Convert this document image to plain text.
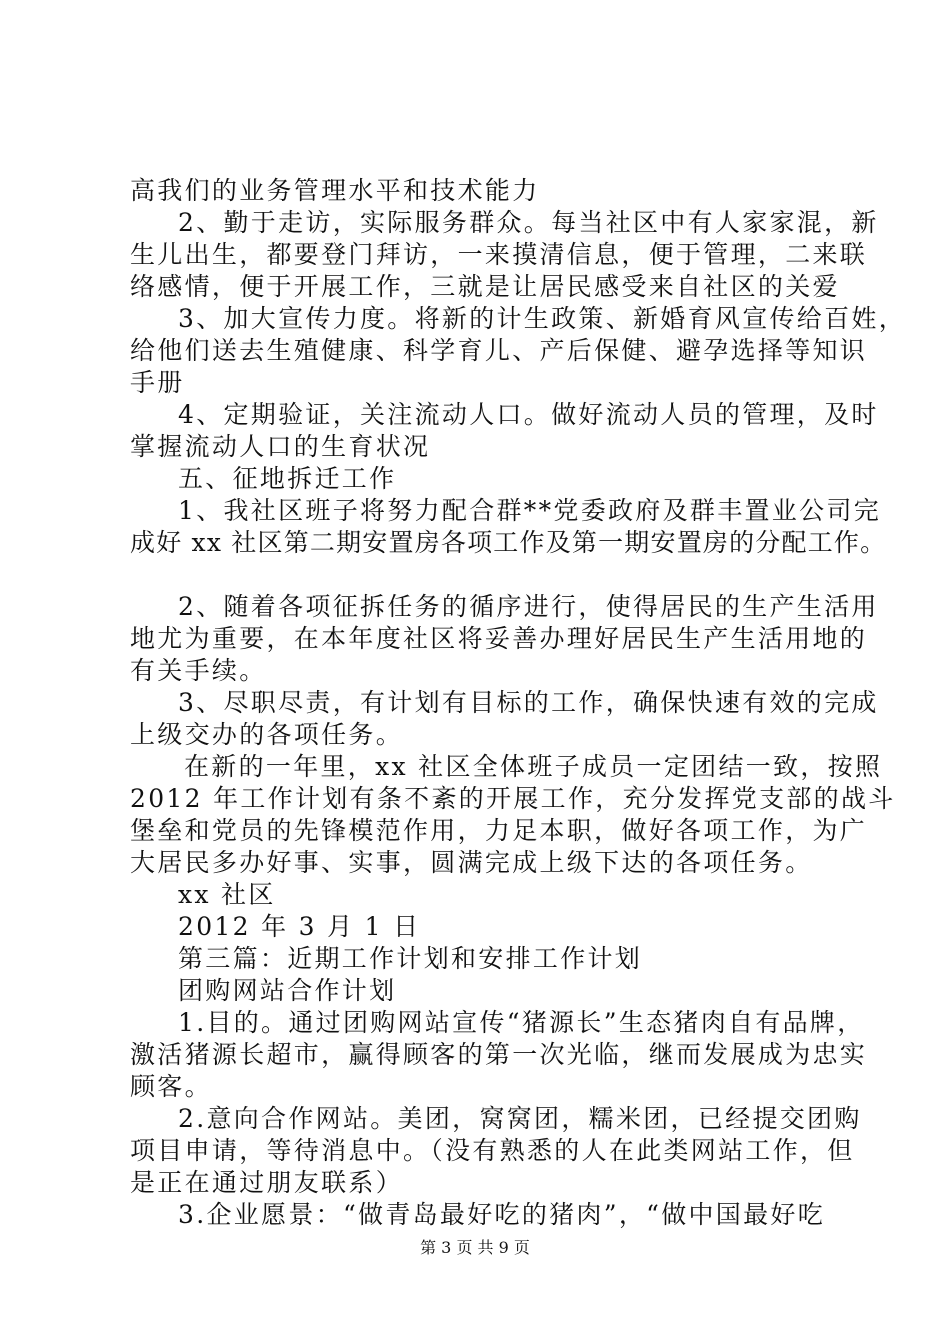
高我们的业务管理水平和技术能力
2、勤于走访，实际服务群众。每当社区中有人家家混，新
生儿出生，都要登门拜访，一来摸清信息，便于管理，二来联
络感情，便于开展工作，三就是让居民感受来自社区的关爱
3、加大宣传力度。将新的计生政策、新婚育风宣传给百姓，
给他们送去生殖健康、科学育儿、产后保健、避孕选择等知识
手册
4、定期验证，关注流动人口。做好流动人员的管理，及时
掌握流动人口的生育状况
五、征地拆迁工作
1、我社区班子将努力配合群**党委政府及群丰置业公司完
成好 xx 社区第二期安置房各项工作及第一期安置房的分配工作。
2、随着各项征拆任务的循序进行，使得居民的生产生活用
地尤为重要，在本年度社区将妥善办理好居民生产生活用地的
有关手续。
3、尽职尽责，有计划有目标的工作，确保快速有效的完成
上级交办的各项任务。
在新的一年里，xx 社区全体班子成员一定团结一致，按照
2012 年工作计划有条不紊的开展工作，充分发挥党支部的战斗
堡垒和党员的先锋模范作用，力足本职，做好各项工作，为广
大居民多办好事、实事，圆满完成上级下达的各项任务。
xx 社区
2012 年 3 月 1 日
第三篇：近期工作计划和安排工作计划
团购网站合作计划
1.目的。通过团购网站宣传“猪源长”生态猪肉自有品牌，
激活猪源长超市，赢得顾客的第一次光临，继而发展成为忠实
顾客。
2.意向合作网站。美团，窝窝团，糯米团，已经提交团购
项目申请，等待消息中。（没有熟悉的人在此类网站工作，但
是正在通过朋友联系）
3.企业愿景：“做青岛最好吃的猪肉”，“做中国最好吃
第 3 页 共 9 页
